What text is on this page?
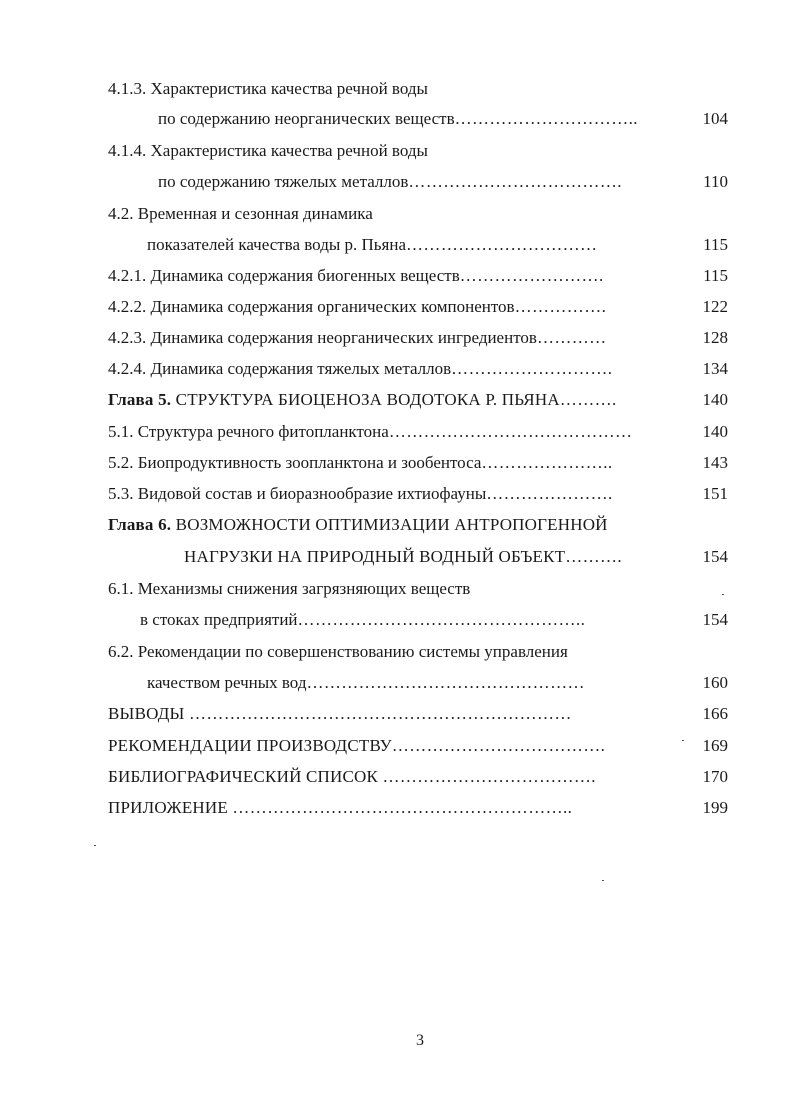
4.1.3. Характеристика качества речной воды
по содержанию неорганических веществ…………………………..	104
4.1.4. Характеристика качества речной воды
по содержанию тяжелых металлов……………………………….	110
4.2. Временная и сезонная динамика
показателей качества воды р. Пьяна……………………………	115
4.2.1. Динамика содержания биогенных веществ…………………….	115
4.2.2. Динамика содержания органических компонентов…………….	122
4.2.3. Динамика содержания неорганических ингредиентов…………	128
4.2.4. Динамика содержания тяжелых металлов……………………….	134
Глава 5. СТРУКТУРА БИОЦЕНОЗА ВОДОТОКА Р. ПЬЯНА……….	140
5.1. Структура речного фитопланктона……………………………………	140
5.2. Биопродуктивность зоопланктона и зообентоса…………………..	143
5.3. Видовой состав и биоразнообразие ихтиофауны………………….	151
Глава 6. ВОЗМОЖНОСТИ ОПТИМИЗАЦИИ АНТРОПОГЕННОЙ
НАГРУЗКИ НА ПРИРОДНЫЙ ВОДНЫЙ ОБЪЕКТ……….	154
6.1. Механизмы снижения загрязняющих веществ
в стоках предприятий…………………………………………..	154
6.2. Рекомендации по совершенствованию системы управления
качеством речных вод…………………………………………	160
ВЫВОДЫ …………………………………………………………	166
РЕКОМЕНДАЦИИ ПРОИЗВОДСТВУ……………………………….	169
БИБЛИОГРАФИЧЕСКИЙ СПИСОК ……………………………….	170
ПРИЛОЖЕНИЕ …………………………………………………..	199
3
